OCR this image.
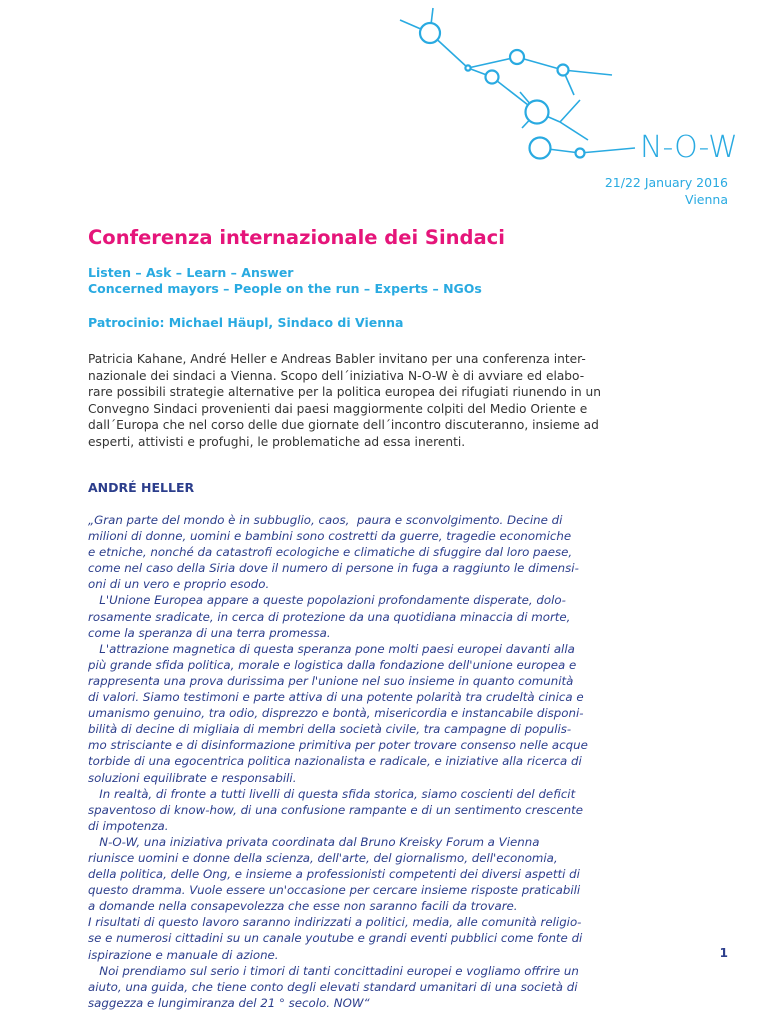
N-O-W
21/22 January 2016
Vienna
Conferenza internazionale dei Sindaci
Listen – Ask – Learn – Answer
Concerned mayors – People on the run – Experts – NGOs
Patrocinio: Michael Häupl, Sindaco di Vienna
Patricia Kahane, André Heller e Andreas Babler invitano per una conferenza inter-
nazionale dei sindaci a Vienna. Scopo dell´iniziativa N-O-W è di avviare ed elabo-
rare possibili strategie alternative per la politica europea dei rifugiati riunendo in un
Convegno Sindaci provenienti dai paesi maggiormente colpiti del Medio Oriente e
dall´Europa che nel corso delle due giornate dell´incontro discuteranno, insieme ad
esperti, attivisti e profughi, le problematiche ad essa inerenti.
ANDRÉ HELLER
„Gran parte del mondo è in subbuglio, caos,  paura e sconvolgimento. Decine di
milioni di donne, uomini e bambini sono costretti da guerre, tragedie economiche
e etniche, nonché da catastrofi ecologiche e climatiche di sfuggire dal loro paese,
come nel caso della Siria dove il numero di persone in fuga a raggiunto le dimensi-
oni di un vero e proprio esodo.
L'Unione Europea appare a queste popolazioni profondamente disperate, dolo-
rosamente sradicate, in cerca di protezione da una quotidiana minaccia di morte,
come la speranza di una terra promessa.
L'attrazione magnetica di questa speranza pone molti paesi europei davanti alla
più grande sfida politica, morale e logistica dalla fondazione dell'unione europea e
rappresenta una prova durissima per l'unione nel suo insieme in quanto comunità
di valori. Siamo testimoni e parte attiva di una potente polarità tra crudeltà cinica e
umanismo genuino, tra odio, disprezzo e bontà, misericordia e instancabile disponi-
bilità di decine di migliaia di membri della società civile, tra campagne di populis-
mo strisciante e di disinformazione primitiva per poter trovare consenso nelle acque
torbide di una egocentrica politica nazionalista e radicale, e iniziative alla ricerca di
soluzioni equilibrate e responsabili.
In realtà, di fronte a tutti livelli di questa sfida storica, siamo coscienti del deficit
spaventoso di know-how, di una confusione rampante e di un sentimento crescente
di impotenza.
N-O-W, una iniziativa privata coordinata dal Bruno Kreisky Forum a Vienna
riunisce uomini e donne della scienza, dell'arte, del giornalismo, dell'economia,
della politica, delle Ong, e insieme a professionisti competenti dei diversi aspetti di
questo dramma. Vuole essere un'occasione per cercare insieme risposte praticabili
a domande nella consapevolezza che esse non saranno facili da trovare.
I risultati di questo lavoro saranno indirizzati a politici, media, alle comunità religio-
se e numerosi cittadini su un canale youtube e grandi eventi pubblici come fonte di
ispirazione e manuale di azione.
Noi prendiamo sul serio i timori di tanti concittadini europei e vogliamo offrire un
aiuto, una guida, che tiene conto degli elevati standard umanitari di una società di
saggezza e lungimiranza del 21 ° secolo. NOW“
1
